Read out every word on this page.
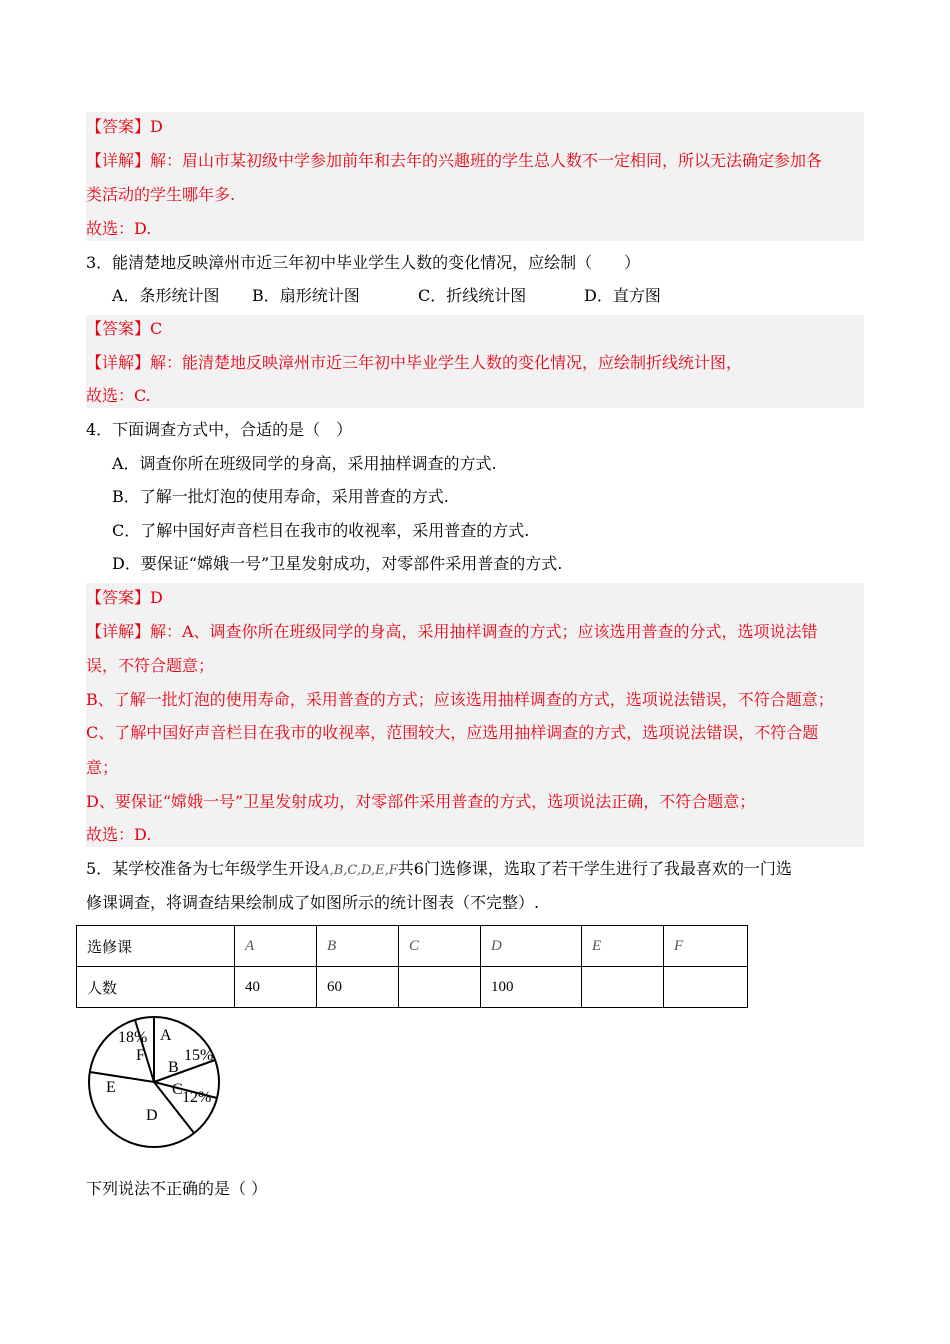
【答案】D
【详解】解：眉山市某初级中学参加前年和去年的兴趣班的学生总人数不一定相同，所以无法确定参加各
类活动的学生哪年多.
故选：D.
3．能清楚地反映漳州市近三年初中毕业学生人数的变化情况，应绘制（　　）
A．条形统计图 B．扇形统计图	C．折线统计图	D．直方图
【答案】C
【详解】解：能清楚地反映漳州市近三年初中毕业学生人数的变化情况，应绘制折线统计图，
故选：C.
4．下面调查方式中，合适的是（　）
A．调查你所在班级同学的身高，采用抽样调查的方式.
B．了解一批灯泡的使用寿命，采用普查的方式.
C．了解中国好声音栏目在我市的收视率，采用普查的方式.
D．要保证“嫦娥一号”卫星发射成功，对零部件采用普查的方式.
【答案】D
【详解】解：A、调查你所在班级同学的身高，采用抽样调查的方式；应该选用普查的分式，选项说法错
误，不符合题意；
B、了解一批灯泡的使用寿命，采用普查的方式；应该选用抽样调查的方式，选项说法错误，不符合题意；
C、了解中国好声音栏目在我市的收视率，范围较大，应选用抽样调查的方式，选项说法错误，不符合题
意；
D、要保证“嫦娥一号”卫星发射成功，对零部件采用普查的方式，选项说法正确，不符合题意；
故选：D.
5．某学校准备为七年级学生开设A,B,C,D,E,F共6门选修课，选取了若干学生进行了我最喜欢的一门选
修课调查，将调查结果绘制成了如图所示的统计图表（不完整）.
选修课	A	B	C	D	E	F
人数	40	60		100		
A
B
15%
C 12%
D
E
F
18%
下列说法不正确的是（ ）
